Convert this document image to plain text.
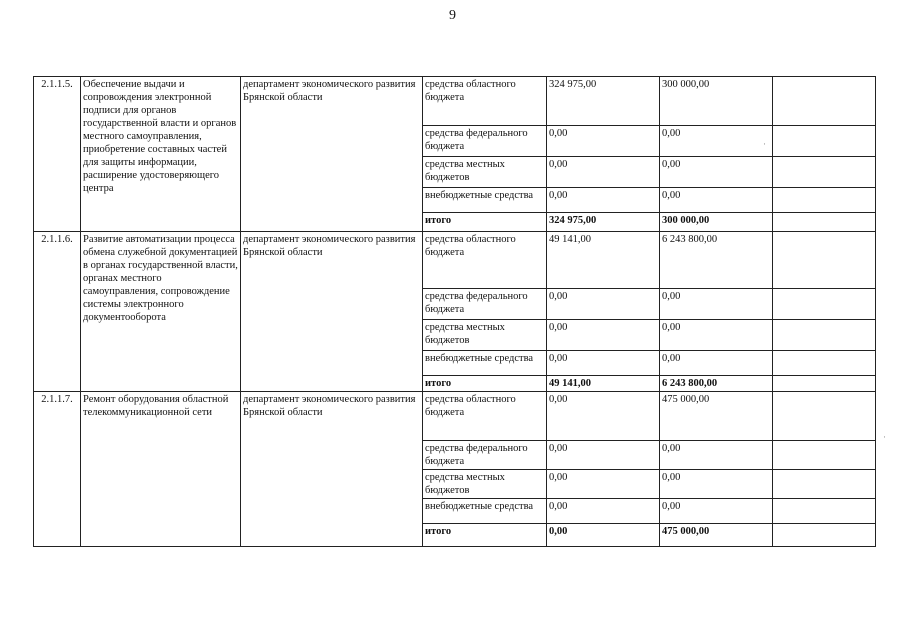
9
2.1.1.5.	Обеспечение выдачи и сопровождения электронной подписи для органов государственной власти и органов местного самоуправления, приобретение составных частей для защиты информации, расширение удостоверяющего центра	департамент экономического развития Брянской области	средства областного бюджета	324 975,00	300 000,00	
			средства федерального бюджета	0,00	0,00	
			средства местных бюджетов	0,00	0,00	
			внебюджетные средства	0,00	0,00	
			итого	324 975,00	300 000,00	
2.1.1.6.	Развитие автоматизации процесса обмена служебной документацией в органах государственной власти, органах местного самоуправления, сопровождение системы электронного документооборота	департамент экономического развития Брянской области	средства областного бюджета	49 141,00	6 243 800,00	
			средства федерального бюджета	0,00	0,00	
			средства местных бюджетов	0,00	0,00	
			внебюджетные средства	0,00	0,00	
			итого	49 141,00	6 243 800,00	
2.1.1.7.	Ремонт оборудования областной телекоммуникационной сети	департамент экономического развития Брянской области	средства областного бюджета	0,00	475 000,00	
			средства федерального бюджета	0,00	0,00	
			средства местных бюджетов	0,00	0,00	
			внебюджетные средства	0,00	0,00	
			итого	0,00	475 000,00	
·
·
